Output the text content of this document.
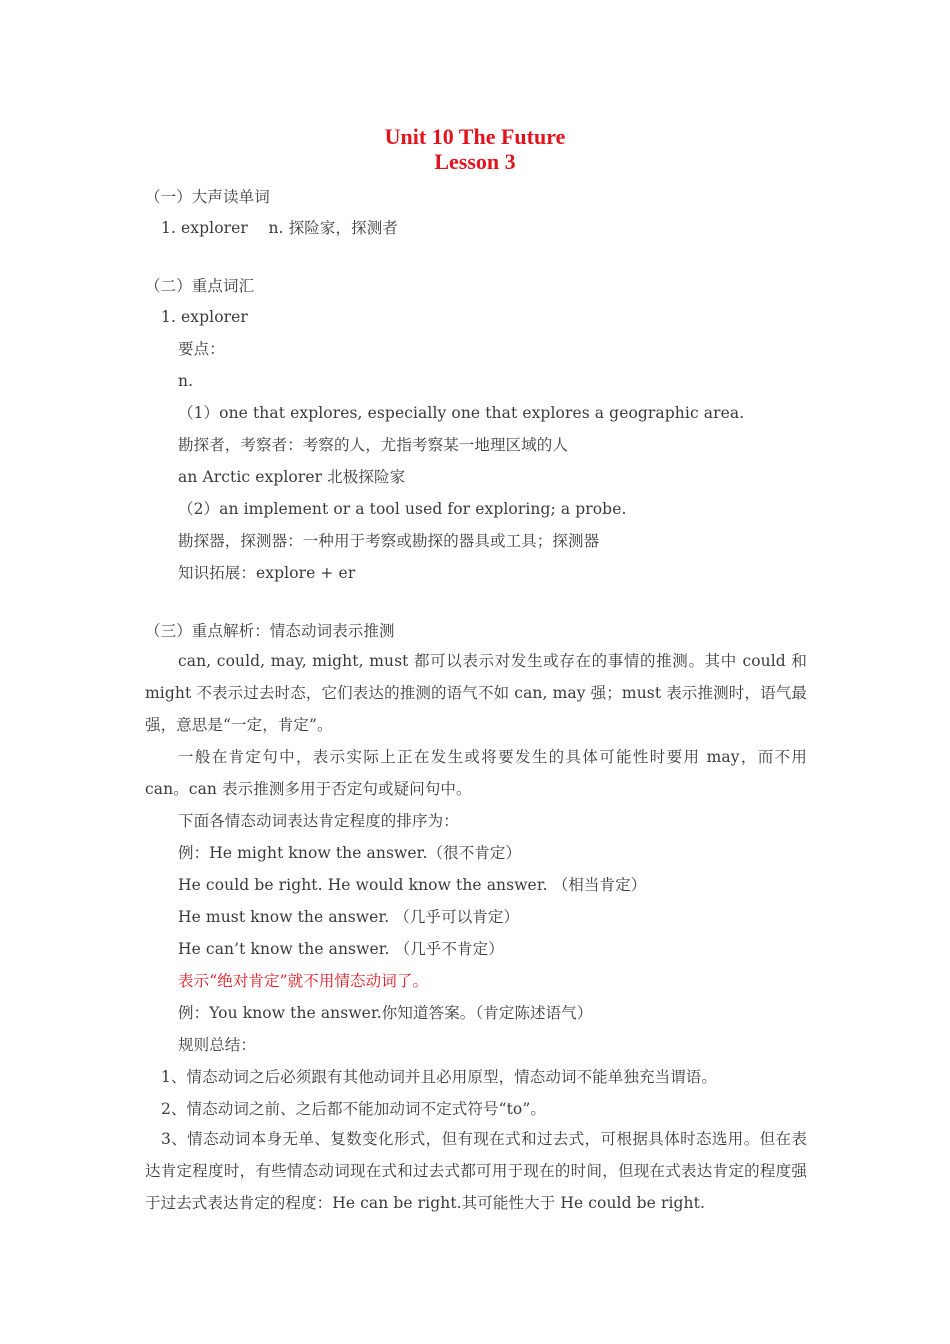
Unit 10 The Future
Lesson 3

（一）大声读单词

1. explorer　 n. 探险家，探测者

（二）重点词汇

1. explorer

要点：

n.

（1）one that explores, especially one that explores a geographic area.

勘探者，考察者：考察的人，尤指考察某一地理区域的人

an Arctic explorer 北极探险家

（2）an implement or a tool used for exploring; a probe.

勘探器，探测器：一种用于考察或勘探的器具或工具；探测器

知识拓展：explore + er

（三）重点解析：情态动词表示推测

can, could, may, might, must 都可以表示对发生或存在的事情的推测。其中 could 和 might 不表示过去时态，它们表达的推测的语气不如 can, may 强；must 表示推测时，语气最强，意思是“一定，肯定”。

一般在肯定句中，表示实际上正在发生或将要发生的具体可能性时要用 may，而不用 can。can 表示推测多用于否定句或疑问句中。

下面各情态动词表达肯定程度的排序为：

例：He might know the answer.（很不肯定）

He could be right. He would know the answer. （相当肯定）

He must know the answer. （几乎可以肯定）

He can’t know the answer. （几乎不肯定）

表示“绝对肯定”就不用情态动词了。

例：You know the answer.你知道答案。（肯定陈述语气）

规则总结：

1、情态动词之后必须跟有其他动词并且必用原型，情态动词不能单独充当谓语。

2、情态动词之前、之后都不能加动词不定式符号“to”。

3、情态动词本身无单、复数变化形式，但有现在式和过去式，可根据具体时态选用。但在表达肯定程度时，有些情态动词现在式和过去式都可用于现在的时间，但现在式表达肯定的程度强于过去式表达肯定的程度：He can be right.其可能性大于 He could be right.
